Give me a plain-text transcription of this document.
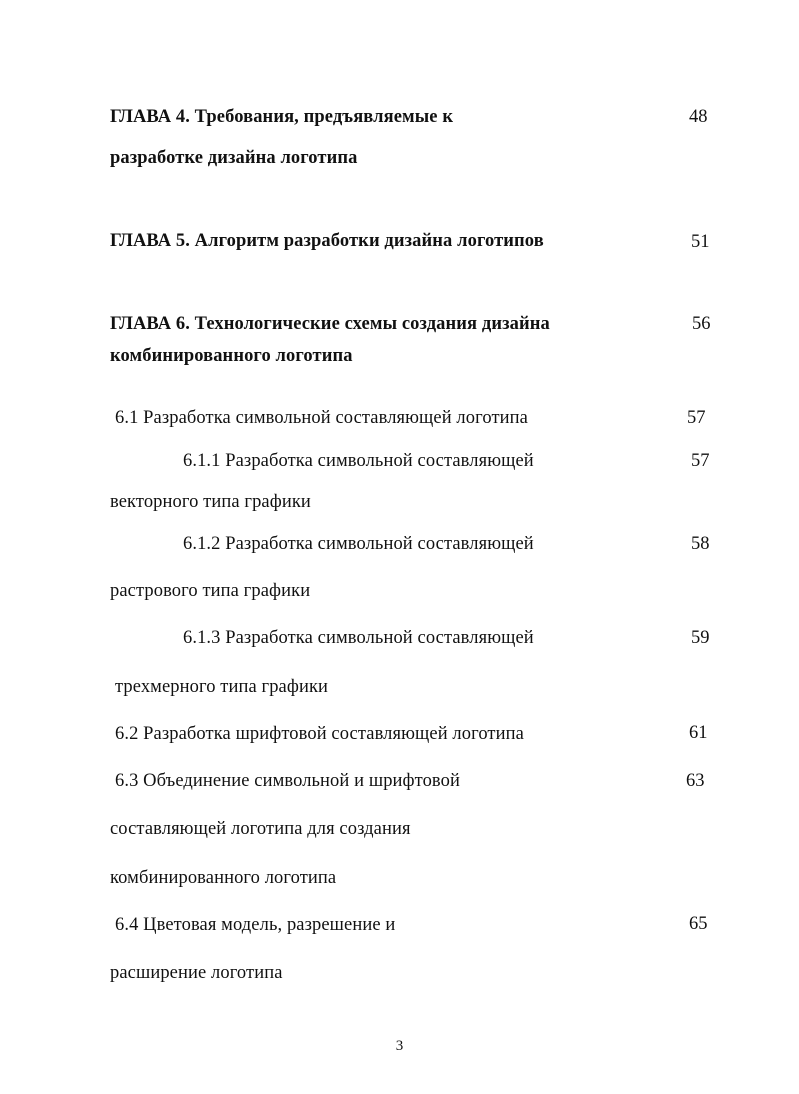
ГЛАВА 4. Требования, предъявляемые к	48
разработке дизайна логотипа
ГЛАВА 5. Алгоритм разработки дизайна логотипов	51
ГЛАВА 6. Технологические схемы создания дизайна	56
комбинированного логотипа
6.1 Разработка символьной составляющей логотипа	57
6.1.1 Разработка символьной составляющей	57
векторного типа графики
6.1.2 Разработка символьной составляющей	58
растрового типа графики
6.1.3 Разработка символьной составляющей	59
трехмерного типа графики
6.2 Разработка шрифтовой составляющей логотипа	61
6.3 Объединение символьной и шрифтовой	63
составляющей логотипа для создания
комбинированного логотипа
6.4 Цветовая модель, разрешение и	65
расширение логотипа
3
